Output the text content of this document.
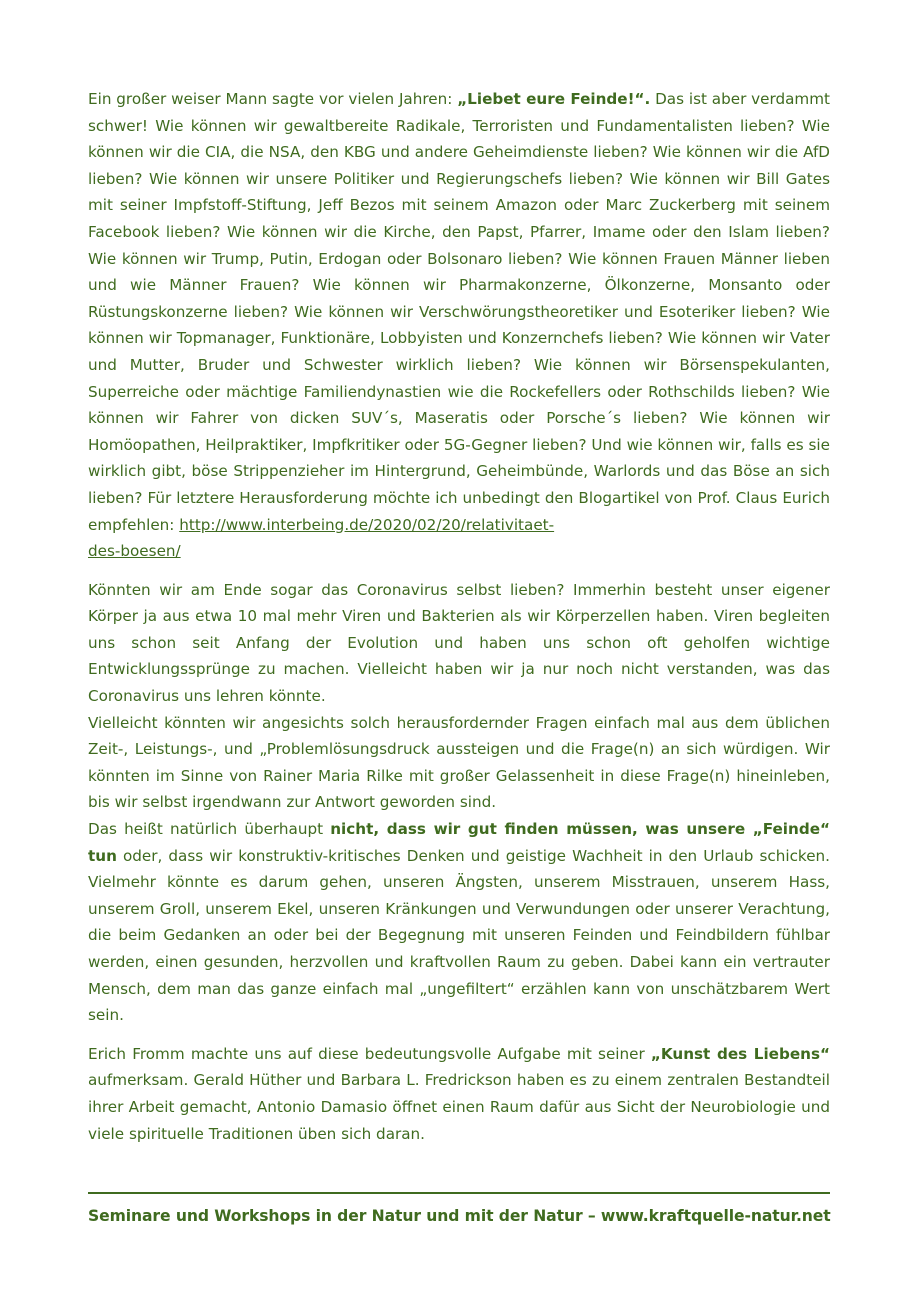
Ein großer weiser Mann sagte vor vielen Jahren: „Liebet eure Feinde!“. Das ist aber verdammt schwer! Wie können wir gewaltbereite Radikale, Terroristen und Fundamentalisten lieben? Wie können wir die CIA, die NSA, den KBG und andere Geheimdienste lieben? Wie können wir die AfD lieben? Wie können wir unsere Politiker und Regierungschefs lieben? Wie können wir Bill Gates mit seiner Impfstoff-Stiftung, Jeff Bezos mit seinem Amazon oder Marc Zuckerberg mit seinem Facebook lieben? Wie können wir die Kirche, den Papst, Pfarrer, Imame oder den Islam lieben? Wie können wir Trump, Putin, Erdogan oder Bolsonaro lieben? Wie können Frauen Männer lieben und wie Männer Frauen? Wie können wir Pharmakonzerne, Ölkonzerne, Monsanto oder Rüstungskonzerne lieben? Wie können wir Verschwörungstheoretiker und Esoteriker lieben? Wie können wir Topmanager, Funktionäre, Lobbyisten und Konzernchefs lieben? Wie können wir Vater und Mutter, Bruder und Schwester wirklich lieben? Wie können wir Börsenspekulanten, Superreiche oder mächtige Familiendynastien wie die Rockefellers oder Rothschilds lieben? Wie können wir Fahrer von dicken SUV´s, Maseratis oder Porsche´s lieben? Wie können wir Homöopathen, Heilpraktiker, Impfkritiker oder 5G-Gegner lieben? Und wie können wir, falls es sie wirklich gibt, böse Strippenzieher im Hintergrund, Geheimbünde, Warlords und das Böse an sich lieben? Für letztere Herausforderung möchte ich unbedingt den Blogartikel von Prof. Claus Eurich empfehlen: http://www.interbeing.de/2020/02/20/relativitaet-
des-boesen/

Könnten wir am Ende sogar das Coronavirus selbst lieben? Immerhin besteht unser eigener Körper ja aus etwa 10 mal mehr Viren und Bakterien als wir Körperzellen haben. Viren begleiten uns schon seit Anfang der Evolution und haben uns schon oft geholfen wichtige Entwicklungssprünge zu machen. Vielleicht haben wir ja nur noch nicht verstanden, was das Coronavirus uns lehren könnte.

Vielleicht könnten wir angesichts solch herausfordernder Fragen einfach mal aus dem üblichen Zeit-, Leistungs-, und „Problemlösungsdruck aussteigen und die Frage(n) an sich würdigen. Wir könnten im Sinne von Rainer Maria Rilke mit großer Gelassenheit in diese Frage(n) hineinleben, bis wir selbst irgendwann zur Antwort geworden sind.

Das heißt natürlich überhaupt nicht, dass wir gut finden müssen, was unsere „Feinde“ tun oder, dass wir konstruktiv-kritisches Denken und geistige Wachheit in den Urlaub schicken. Vielmehr könnte es darum gehen, unseren Ängsten, unserem Misstrauen, unserem Hass, unserem Groll, unserem Ekel, unseren Kränkungen und Verwundungen oder unserer Verachtung, die beim Gedanken an oder bei der Begegnung mit unseren Feinden und Feindbildern fühlbar werden, einen gesunden, herzvollen und kraftvollen Raum zu geben. Dabei kann ein vertrauter Mensch, dem man das ganze einfach mal „ungefiltert“ erzählen kann von unschätzbarem Wert sein.

Erich Fromm machte uns auf diese bedeutungsvolle Aufgabe mit seiner „Kunst des Liebens“ aufmerksam. Gerald Hüther und Barbara L. Fredrickson haben es zu einem zentralen Bestandteil ihrer Arbeit gemacht, Antonio Damasio öffnet einen Raum dafür aus Sicht der Neurobiologie und viele spirituelle Traditionen üben sich daran.

Seminare und Workshops in der Natur und mit der Natur – www.kraftquelle-natur.net
